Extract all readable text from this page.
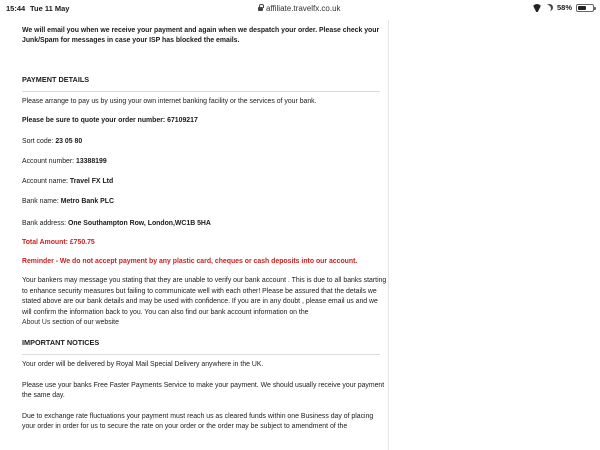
We will email you when we receive your payment and again when we despatch your order. Please check your Junk/Spam for messages in case your ISP has blocked the emails.

PAYMENT DETAILS

Please arrange to pay us by using your own internet banking facility or the services of your bank.

Please be sure to quote your order number: 67109217

Sort code: 23 05 80

Account number: 13388199

Account name: Travel FX Ltd

Bank name: Metro Bank PLC

Bank address: One Southampton Row, London,WC1B 5HA

Total Amount: £750.75

Reminder - We do not accept payment by any plastic card, cheques or cash deposits into our account.

Your bankers may message you stating that they are unable to verify our bank account . This is due to all banks starting to enhance security measures but failing to communicate well with each other! Please be assured that the details we stated above are our bank details and may be used with confidence. If you are in any doubt , please email us and we will confirm the information back to you. You can also find our bank account information on the
About Us section of our website

IMPORTANT NOTICES

Your order will be delivered by Royal Mail Special Delivery anywhere in the UK.

Please use your banks Free Faster Payments Service to make your payment. We should usually receive your payment the same day.

Due to exchange rate fluctuations your payment must reach us as cleared funds within one Business day of placing your order in order for us to secure the rate on your order or the order may be subject to amendment of the

15:44 Tue 11 May	affiliate.travelfx.co.uk	58%
